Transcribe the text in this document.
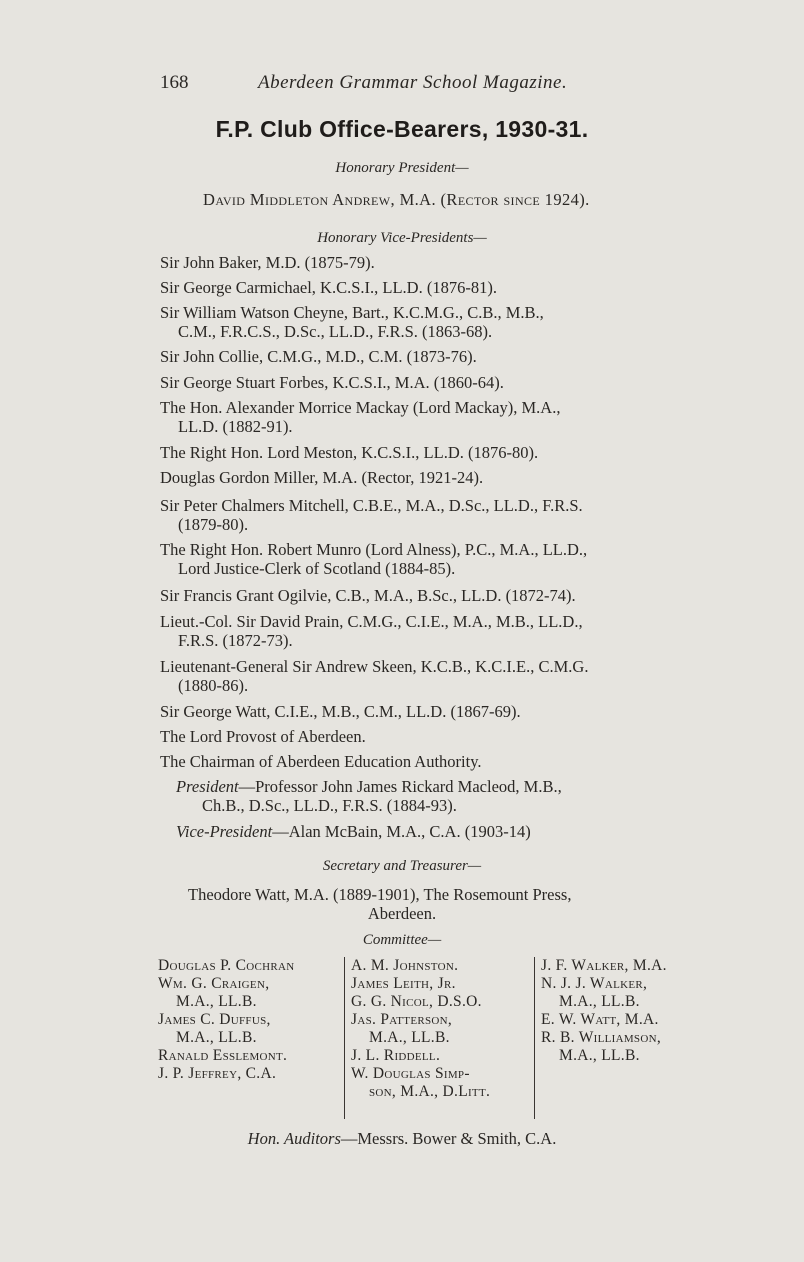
168	Aberdeen Grammar School Magazine.
F.P. Club Office-Bearers, 1930-31.
Honorary President—
David Middleton Andrew, M.A. (Rector since 1924).
Honorary Vice-Presidents—
Sir John Baker, M.D. (1875-79).
Sir George Carmichael, K.C.S.I., LL.D. (1876-81).
Sir William Watson Cheyne, Bart., K.C.M.G., C.B., M.B.,
C.M., F.R.C.S., D.Sc., LL.D., F.R.S. (1863-68).
Sir John Collie, C.M.G., M.D., C.M. (1873-76).
Sir George Stuart Forbes, K.C.S.I., M.A. (1860-64).
The Hon. Alexander Morrice Mackay (Lord Mackay), M.A.,
LL.D. (1882-91).
The Right Hon. Lord Meston, K.C.S.I., LL.D. (1876-80).
Douglas Gordon Miller, M.A. (Rector, 1921-24).
Sir Peter Chalmers Mitchell, C.B.E., M.A., D.Sc., LL.D., F.R.S.
(1879-80).
The Right Hon. Robert Munro (Lord Alness), P.C., M.A., LL.D.,
Lord Justice-Clerk of Scotland (1884-85).
Sir Francis Grant Ogilvie, C.B., M.A., B.Sc., LL.D. (1872-74).
Lieut.-Col. Sir David Prain, C.M.G., C.I.E., M.A., M.B., LL.D.,
F.R.S. (1872-73).
Lieutenant-General Sir Andrew Skeen, K.C.B., K.C.I.E., C.M.G.
(1880-86).
Sir George Watt, C.I.E., M.B., C.M., LL.D. (1867-69).
The Lord Provost of Aberdeen.
The Chairman of Aberdeen Education Authority.
President—Professor John James Rickard Macleod, M.B.,
Ch.B., D.Sc., LL.D., F.R.S. (1884-93).
Vice-President—Alan McBain, M.A., C.A. (1903-14)
Secretary and Treasurer—
Theodore Watt, M.A. (1889-1901), The Rosemount Press,
Aberdeen.
Committee—
Douglas P. Cochran
Wm. G. Craigen,
M.A., LL.B.
James C. Duffus,
M.A., LL.B.
Ranald Esslemont.
J. P. Jeffrey, C.A.
A. M. Johnston.
James Leith, Jr.
G. G. Nicol, D.S.O.
Jas. Patterson,
M.A., LL.B.
J. L. Riddell.
W. Douglas Simp-
son, M.A., D.Litt.
J. F. Walker, M.A.
N. J. J. Walker,
M.A., LL.B.
E. W. Watt, M.A.
R. B. Williamson,
M.A., LL.B.
Hon. Auditors—Messrs. Bower & Smith, C.A.
